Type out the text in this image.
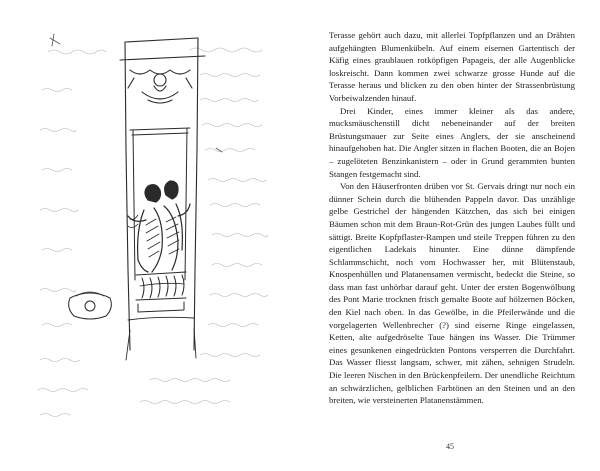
Terasse gehört auch dazu, mit allerlei Topfpflanzen und an Drähten aufgehängten Blumenkübeln. Auf einem eisernen Gartentisch der Käfig eines graublauen rotköpfigen Papageis, der alle Augenblicke loskreischt. Dann kommen zwei schwarze grosse Hunde auf die Terasse heraus und blicken zu den oben hinter der Strassenbrüstung Vorbeiwalzenden hinauf.

Drei Kinder, eines immer kleiner als das andere, mucksmäuschenstill dicht nebeneinander auf der breiten Brüstungsmauer zur Seite eines Anglers, der sie anscheinend hinaufgehoben hat. Die Angler sitzen in flachen Booten, die an Bojen – zugelöteten Benzinkanistern – oder in Grund gerammten bunten Stangen festgemacht sind.

Von den Häuserfronten drüben vor St. Gervais dringt nur noch ein dünner Schein durch die blühenden Pappeln davor. Das unzählige gelbe Gestrichel der hängenden Kätzchen, das sich bei einigen Bäumen schon mit dem Braun-Rot-Grün des jungen Laubes füllt und sättigt. Breite Kopfpflaster-Rampen und steile Treppen führen zu den eigentlichen Ladekais hinunter. Eine dünne dämpfende Schlammschicht, noch vom Hochwasser her, mit Blütenstaub, Knospenhüllen und Platanensamen vermischt, bedeckt die Steine, so dass man fast unhörbar darauf geht. Unter der ersten Bogenwölbung des Pont Marie trocknen frisch gemalte Boote auf hölzernen Böcken, den Kiel nach oben. In das Gewölbe, in die Pfeilerwände und die vorgelagerten Wellenbrecher (?) sind eiserne Ringe eingelassen, Ketten, alte aufgedröselte Taue hängen ins Wasser. Die Trümmer eines gesunkenen eingedrückten Pontons versperren die Durchfahrt. Das Wasser fliesst langsam, schwer, mit zähen, sehnigen Strudeln. Die leeren Nischen in den Brückenpfeilern. Der unendliche Reichtum an schwärzlichen, gelblichen Farbtönen an den Steinen und an den breiten, wie versteinerten Platanenstämmen.

45
